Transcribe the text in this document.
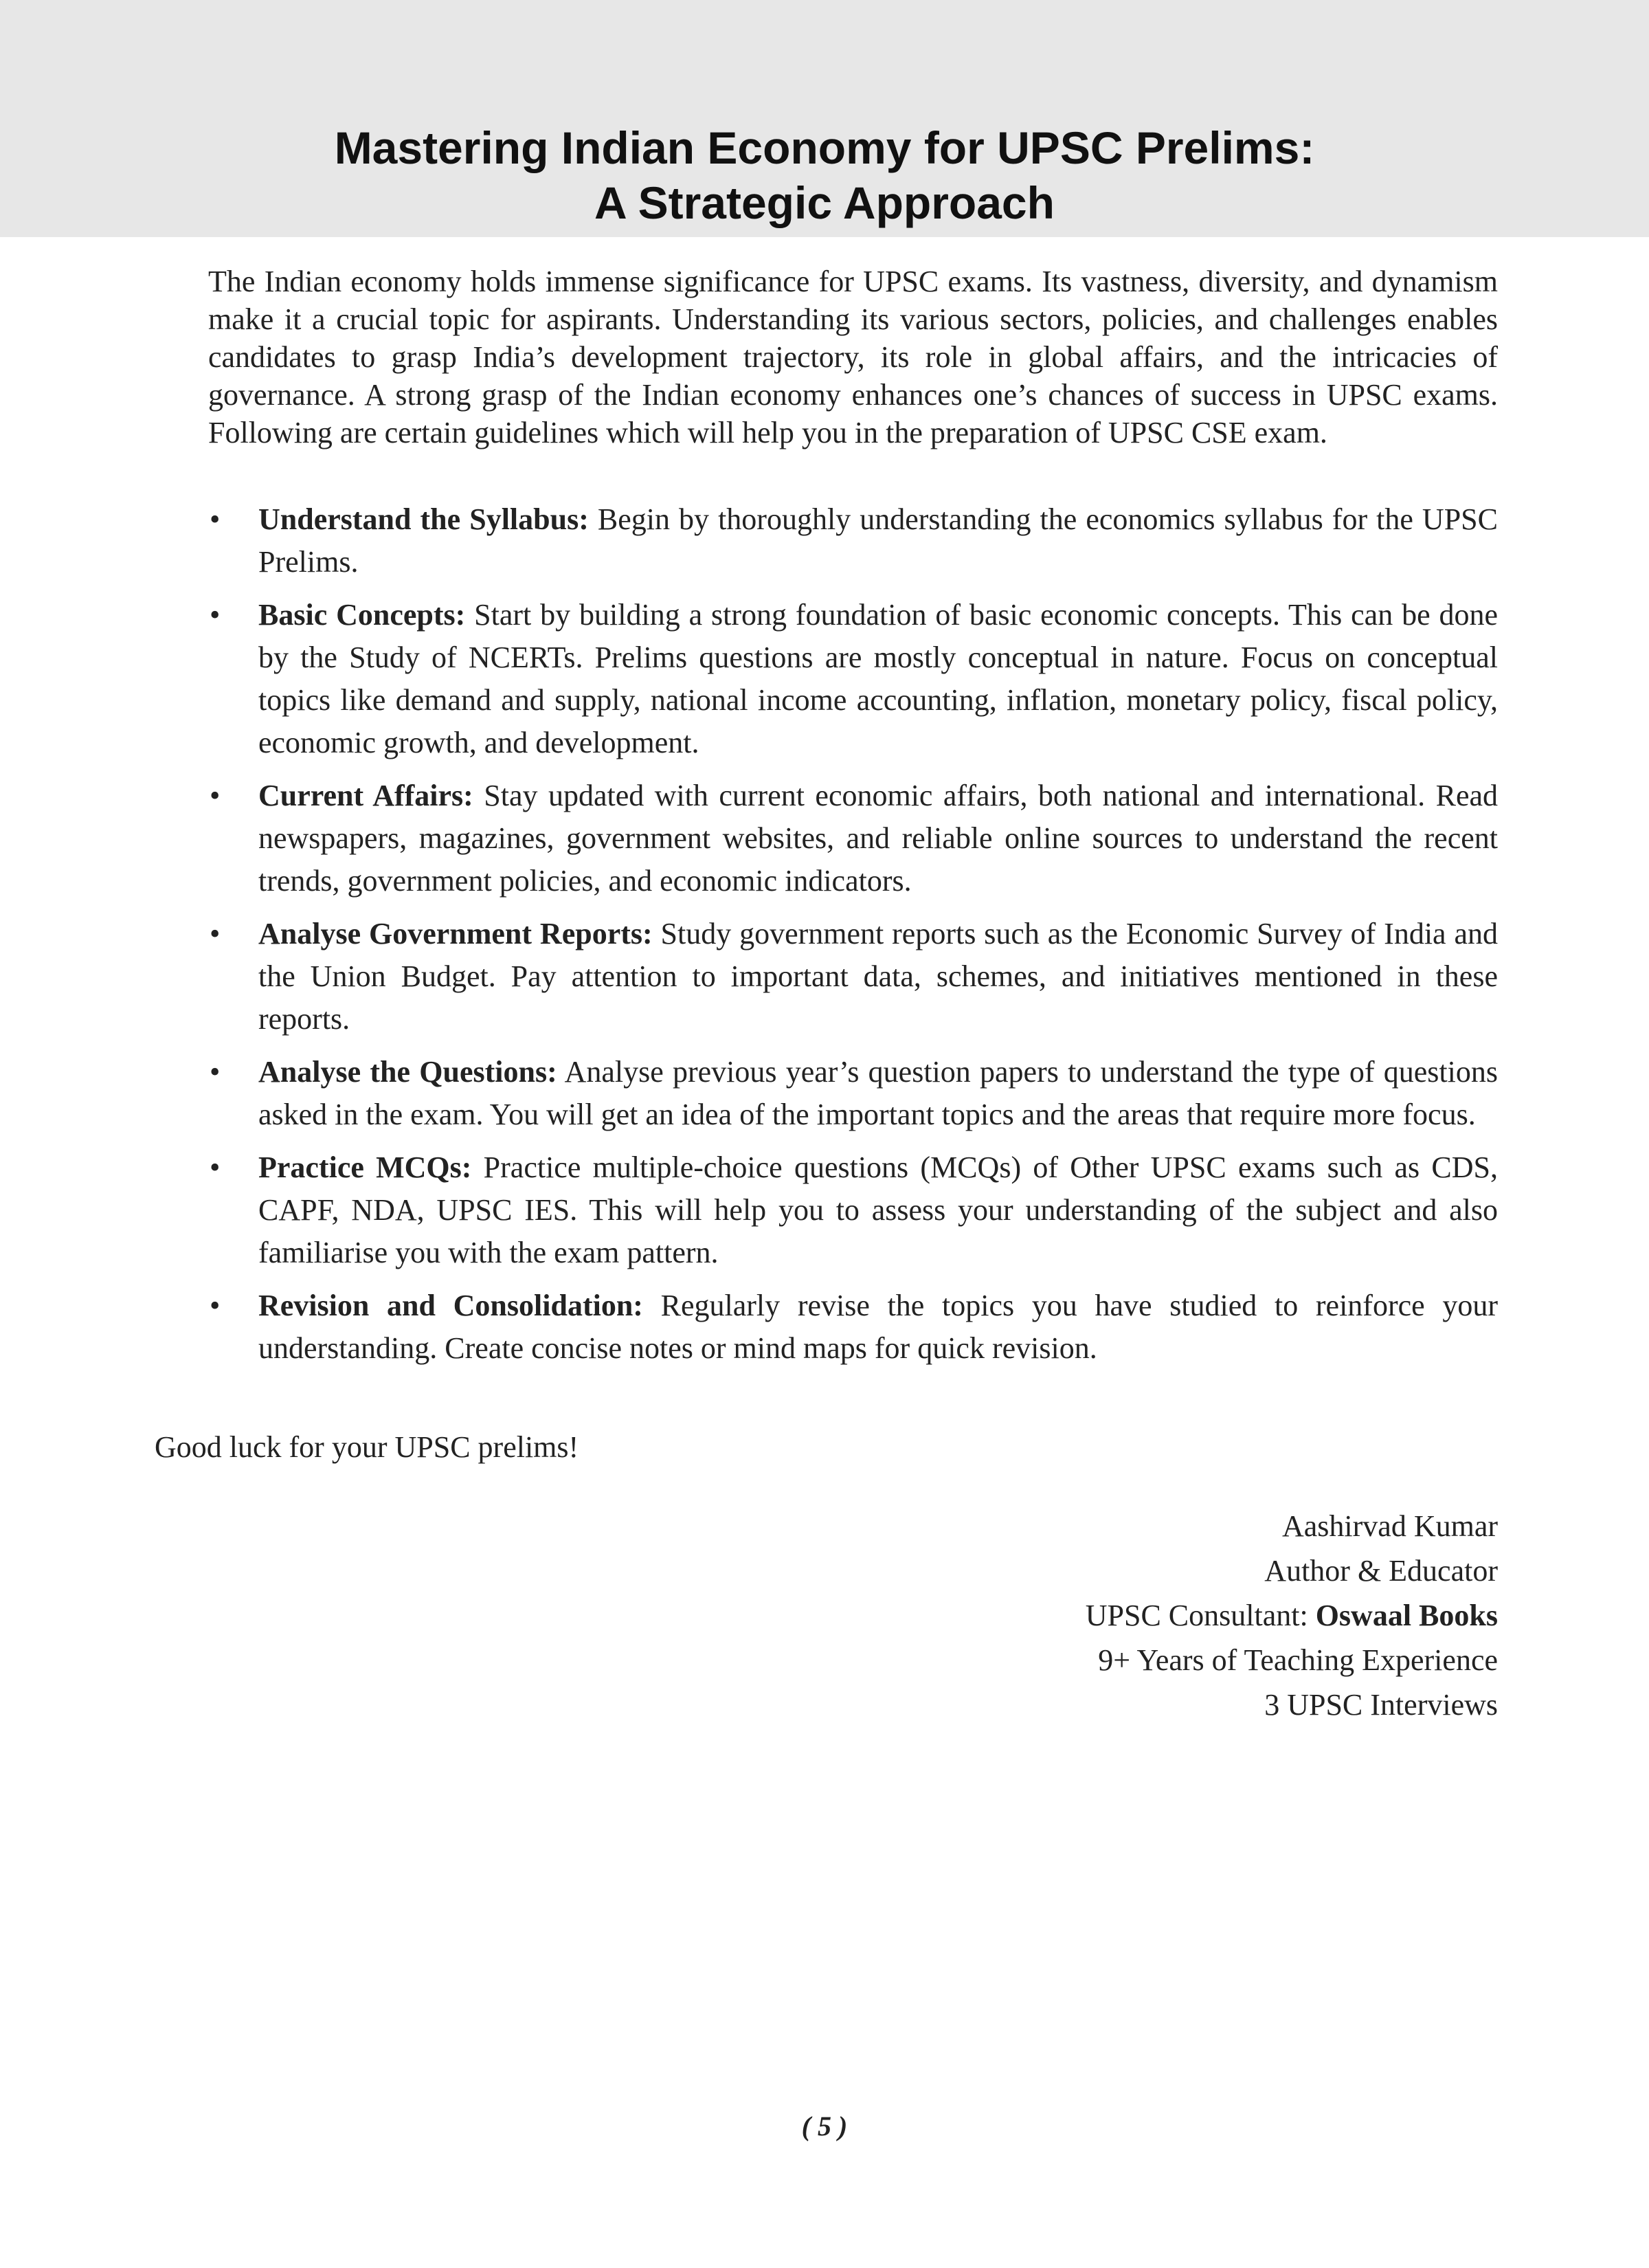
Mastering Indian Economy for UPSC Prelims:
A Strategic Approach

The Indian economy holds immense significance for UPSC exams. Its vastness, diversity, and dynamism make it a crucial topic for aspirants. Understanding its various sectors, policies, and challenges enables candidates to grasp India’s development trajectory, its role in global affairs, and the intricacies of governance. A strong grasp of the Indian economy enhances one’s chances of success in UPSC exams. Following are certain guidelines which will help you in the preparation of UPSC CSE exam.

• Understand the Syllabus: Begin by thoroughly understanding the economics syllabus for the UPSC Prelims.
• Basic Concepts: Start by building a strong foundation of basic economic concepts. This can be done by the Study of NCERTs. Prelims questions are mostly conceptual in nature. Focus on conceptual topics like demand and supply, national income accounting, inflation, monetary policy, fiscal policy, economic growth, and development.
• Current Affairs: Stay updated with current economic affairs, both national and international. Read newspapers, magazines, government websites, and reliable online sources to understand the recent trends, government policies, and economic indicators.
• Analyse Government Reports: Study government reports such as the Economic Survey of India and the Union Budget. Pay attention to important data, schemes, and initiatives mentioned in these reports.
• Analyse the Questions: Analyse previous year’s question papers to understand the type of questions asked in the exam. You will get an idea of the important topics and the areas that require more focus.
• Practice MCQs: Practice multiple-choice questions (MCQs) of Other UPSC exams such as CDS, CAPF, NDA, UPSC IES. This will help you to assess your understanding of the subject and also familiarise you with the exam pattern.
• Revision and Consolidation: Regularly revise the topics you have studied to reinforce your understanding. Create concise notes or mind maps for quick revision.

Good luck for your UPSC prelims!

Aashirvad Kumar
Author & Educator
UPSC Consultant: Oswaal Books
9+ Years of Teaching Experience
3 UPSC Interviews
( 5 )
